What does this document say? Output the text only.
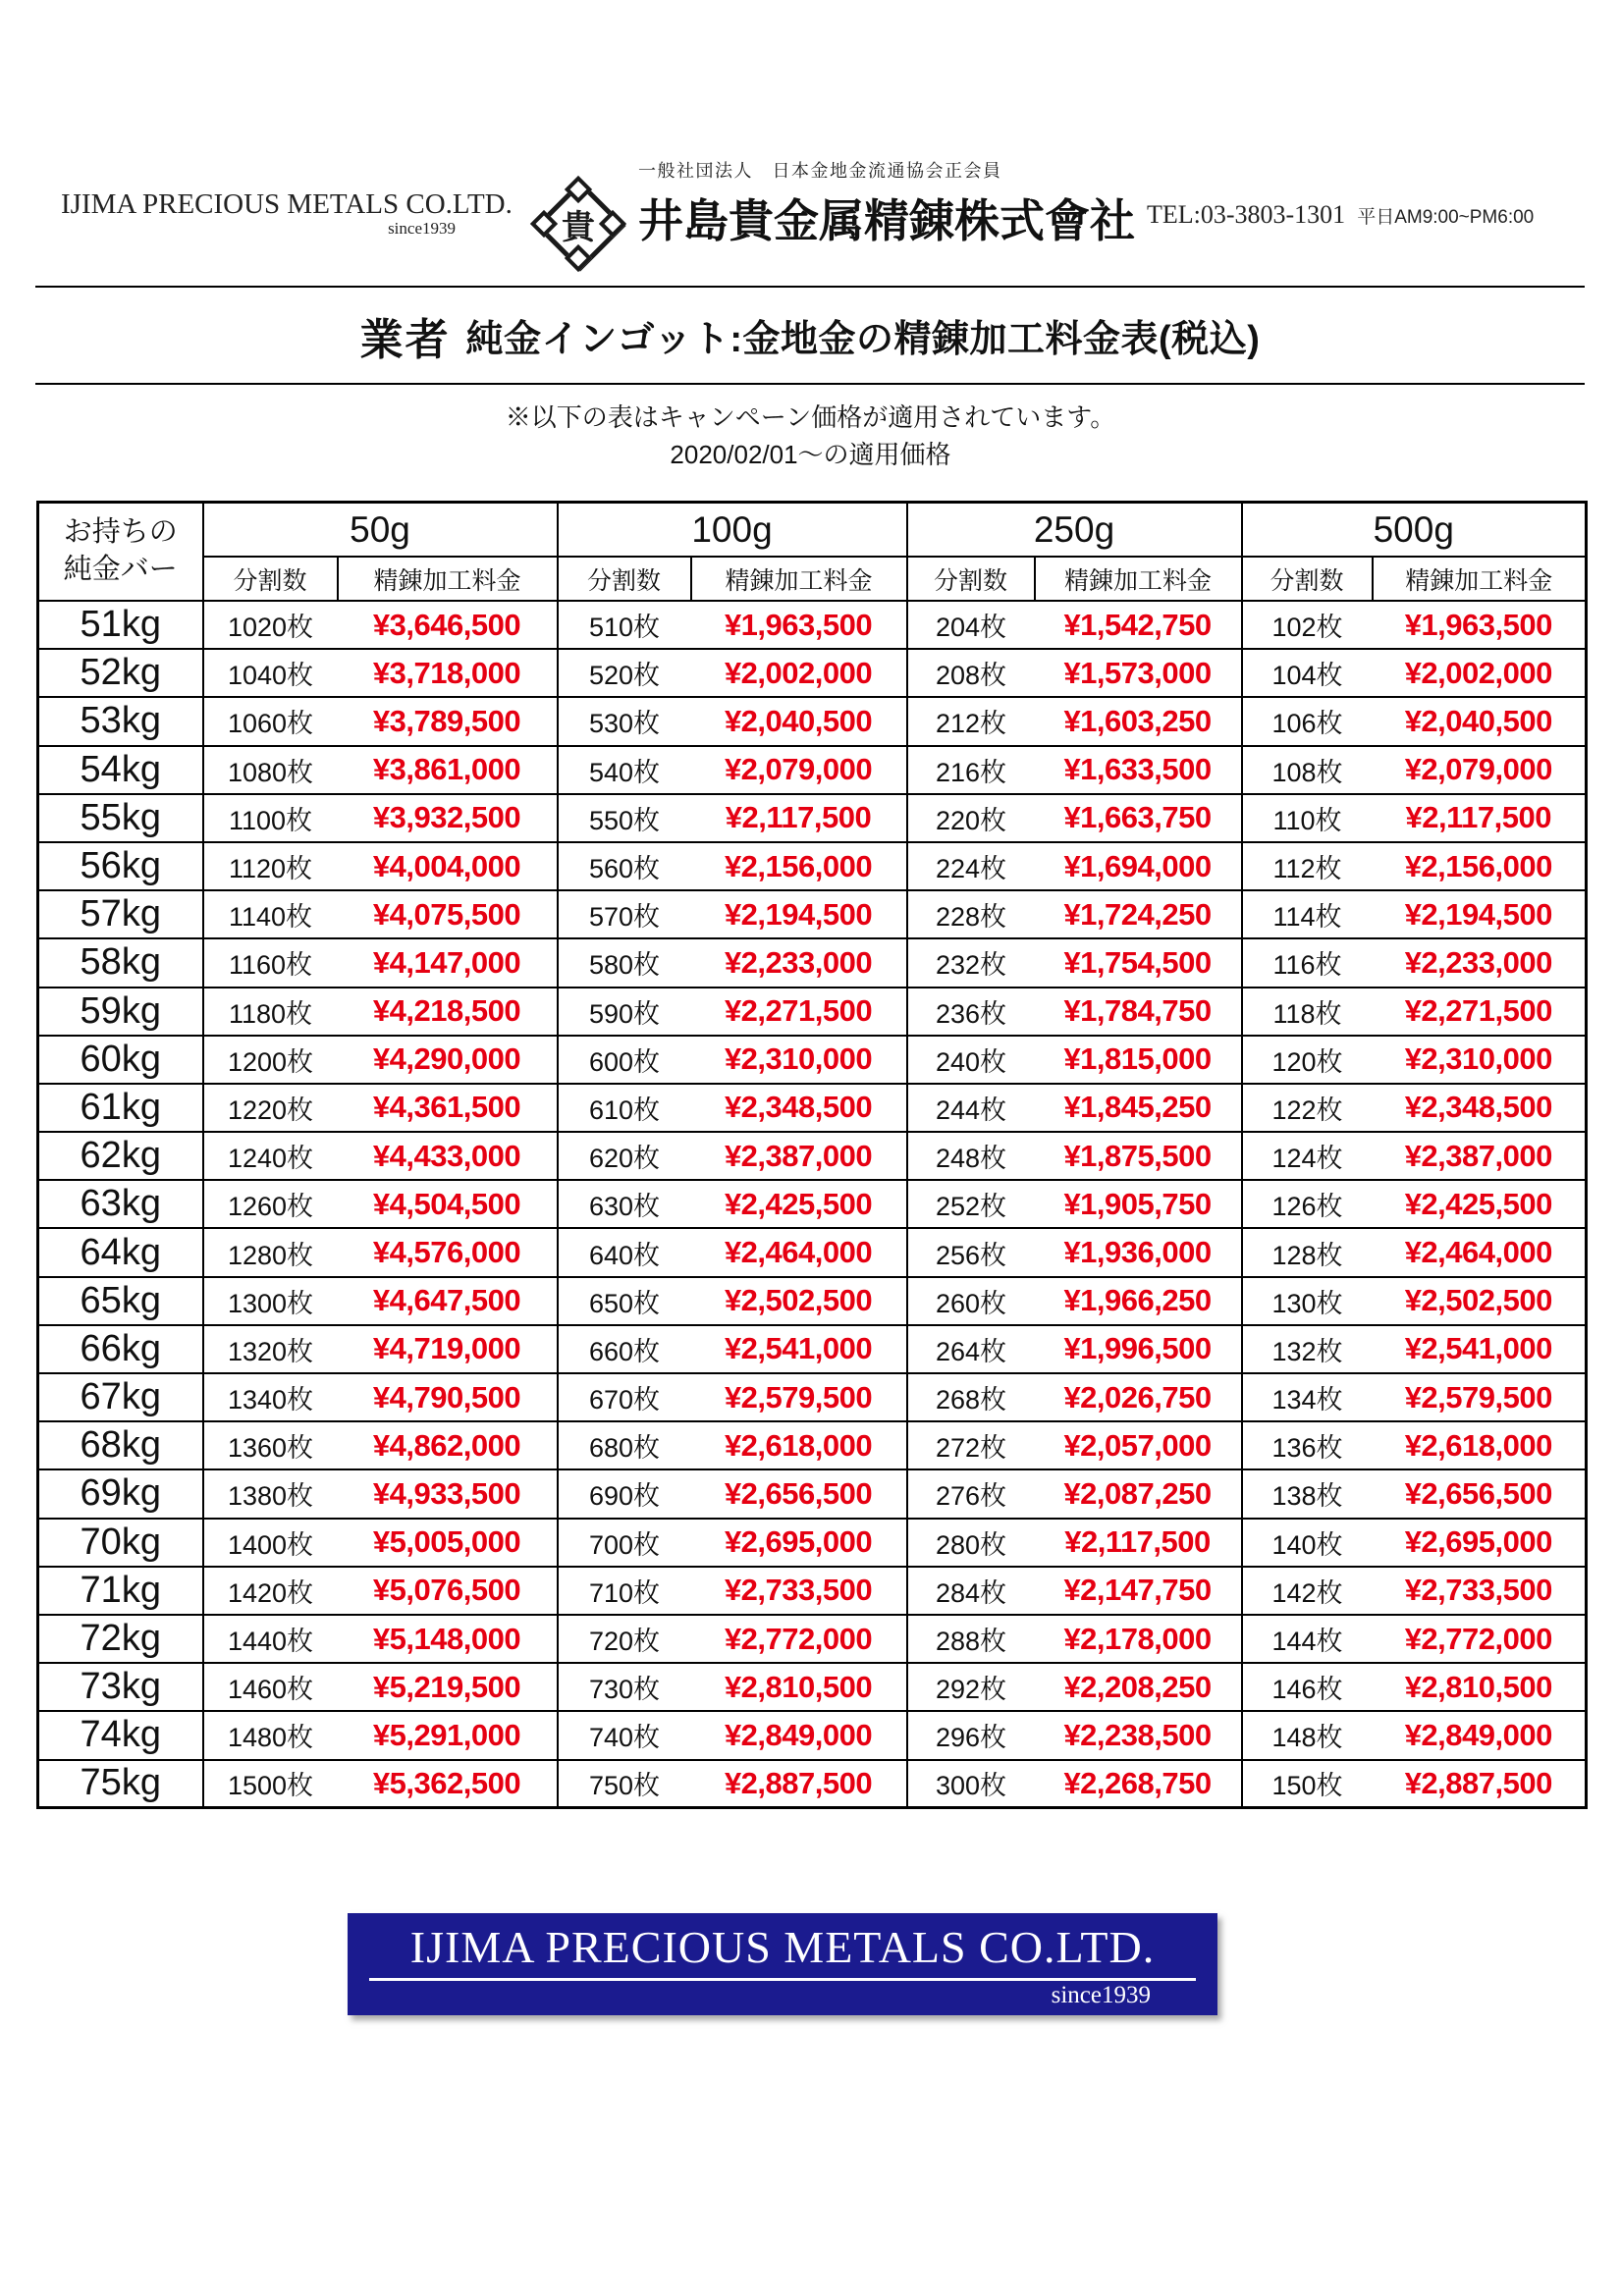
IJIMA PRECIOUS METALS CO.LTD.
since1939	貴
一般社団法人　日本金地金流通協会正会員
井島貴金属精錬株式會社 TEL:03-3803-1301 平日AM9:00~PM6:00
業者 純金インゴット:金地金の精錬加工料金表(税込)
※以下の表はキャンペーン価格が適用されています。
2020/02/01～の適用価格
お持ちの
純金バー	50g		100g		250g		500g	
	分割数	精錬加工料金	分割数	精錬加工料金	分割数	精錬加工料金	分割数	精錬加工料金
51kg	1020枚	¥3,646,500	510枚	¥1,963,500	204枚	¥1,542,750	102枚	¥1,963,500
52kg	1040枚	¥3,718,000	520枚	¥2,002,000	208枚	¥1,573,000	104枚	¥2,002,000
53kg	1060枚	¥3,789,500	530枚	¥2,040,500	212枚	¥1,603,250	106枚	¥2,040,500
54kg	1080枚	¥3,861,000	540枚	¥2,079,000	216枚	¥1,633,500	108枚	¥2,079,000
55kg	1100枚	¥3,932,500	550枚	¥2,117,500	220枚	¥1,663,750	110枚	¥2,117,500
56kg	1120枚	¥4,004,000	560枚	¥2,156,000	224枚	¥1,694,000	112枚	¥2,156,000
57kg	1140枚	¥4,075,500	570枚	¥2,194,500	228枚	¥1,724,250	114枚	¥2,194,500
58kg	1160枚	¥4,147,000	580枚	¥2,233,000	232枚	¥1,754,500	116枚	¥2,233,000
59kg	1180枚	¥4,218,500	590枚	¥2,271,500	236枚	¥1,784,750	118枚	¥2,271,500
60kg	1200枚	¥4,290,000	600枚	¥2,310,000	240枚	¥1,815,000	120枚	¥2,310,000
61kg	1220枚	¥4,361,500	610枚	¥2,348,500	244枚	¥1,845,250	122枚	¥2,348,500
62kg	1240枚	¥4,433,000	620枚	¥2,387,000	248枚	¥1,875,500	124枚	¥2,387,000
63kg	1260枚	¥4,504,500	630枚	¥2,425,500	252枚	¥1,905,750	126枚	¥2,425,500
64kg	1280枚	¥4,576,000	640枚	¥2,464,000	256枚	¥1,936,000	128枚	¥2,464,000
65kg	1300枚	¥4,647,500	650枚	¥2,502,500	260枚	¥1,966,250	130枚	¥2,502,500
66kg	1320枚	¥4,719,000	660枚	¥2,541,000	264枚	¥1,996,500	132枚	¥2,541,000
67kg	1340枚	¥4,790,500	670枚	¥2,579,500	268枚	¥2,026,750	134枚	¥2,579,500
68kg	1360枚	¥4,862,000	680枚	¥2,618,000	272枚	¥2,057,000	136枚	¥2,618,000
69kg	1380枚	¥4,933,500	690枚	¥2,656,500	276枚	¥2,087,250	138枚	¥2,656,500
70kg	1400枚	¥5,005,000	700枚	¥2,695,000	280枚	¥2,117,500	140枚	¥2,695,000
71kg	1420枚	¥5,076,500	710枚	¥2,733,500	284枚	¥2,147,750	142枚	¥2,733,500
72kg	1440枚	¥5,148,000	720枚	¥2,772,000	288枚	¥2,178,000	144枚	¥2,772,000
73kg	1460枚	¥5,219,500	730枚	¥2,810,500	292枚	¥2,208,250	146枚	¥2,810,500
74kg	1480枚	¥5,291,000	740枚	¥2,849,000	296枚	¥2,238,500	148枚	¥2,849,000
75kg	1500枚	¥5,362,500	750枚	¥2,887,500	300枚	¥2,268,750	150枚	¥2,887,500
IJIMA PRECIOUS METALS CO.LTD.
since1939
